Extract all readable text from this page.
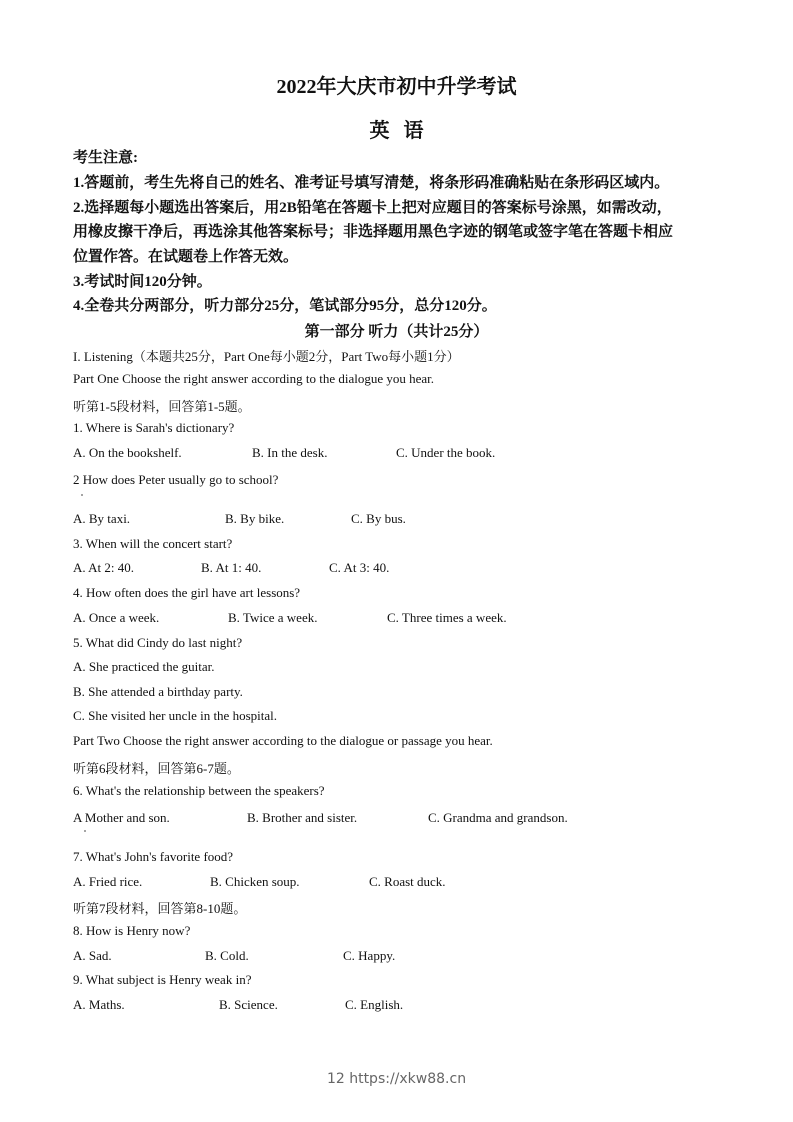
2022年大庆市初中升学考试
英语
考生注意:
1.答题前，考生先将自己的姓名、准考证号填写清楚，将条形码准确粘贴在条形码区域内。
2.选择题每小题选出答案后，用2B铅笔在答题卡上把对应题目的答案标号涂黑，如需改动，
用橡皮擦干净后，再选涂其他答案标号；非选择题用黑色字迹的钢笔或签字笔在答题卡相应
位置作答。在试题卷上作答无效。
3.考试时间120分钟。
4.全卷共分两部分，听力部分25分，笔试部分95分，总分120分。
第一部分 听力（共计25分）
I. Listening（本题共25分，Part One每小题2分，Part Two每小题1分）
Part One Choose the right answer according to the dialogue you hear.
听第1-5段材料，回答第1-5题。
1. Where is Sarah's dictionary?
A. On the bookshelf.	B. In the desk.	C. Under the book.
2 How does Peter usually go to school?
A. By taxi.	B. By bike.	C. By bus.
3. When will the concert start?
A. At 2: 40.	B. At 1: 40.	C. At 3: 40.
4. How often does the girl have art lessons?
A. Once a week.	B. Twice a week.	C. Three times a week.
5. What did Cindy do last night?
A. She practiced the guitar.
B. She attended a birthday party.
C. She visited her uncle in the hospital.
Part Two Choose the right answer according to the dialogue or passage you hear.
听第6段材料，回答第6-7题。
6. What's the relationship between the speakers?
A Mother and son.	B. Brother and sister.	C. Grandma and grandson.
7. What's John's favorite food?
A. Fried rice.	B. Chicken soup.	C. Roast duck.
听第7段材料，回答第8-10题。
8. How is Henry now?
A. Sad.	B. Cold.	C. Happy.
9. What subject is Henry weak in?
A. Maths.	B. Science.	C. English.
12 https://xkw88.cn
